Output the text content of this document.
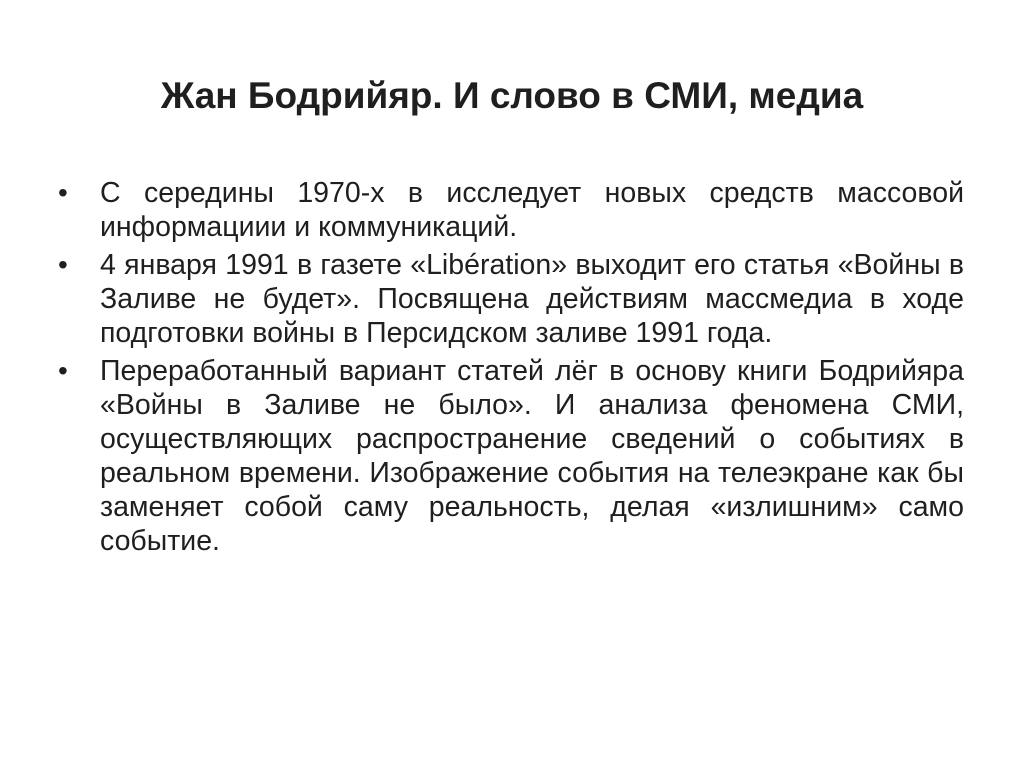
Жан Бодрийяр. И слово в СМИ, медиа
•	С середины 1970-х в исследует новых средств массовой информациии и коммуникаций.
•	4 января 1991 в газете «Libération» выходит его статья «Войны в Заливе не будет». Посвящена действиям массмедиа в ходе подготовки войны в Персидском заливе 1991 года.
•	Переработанный вариант статей лёг в основу книги Бодрийяра «Войны в Заливе не было». И анализа феномена СМИ, осуществляющих распространение сведений о событиях в реальном времени. Изображение события на телеэкране как бы заменяет собой саму реальность, делая «излишним» само событие.
